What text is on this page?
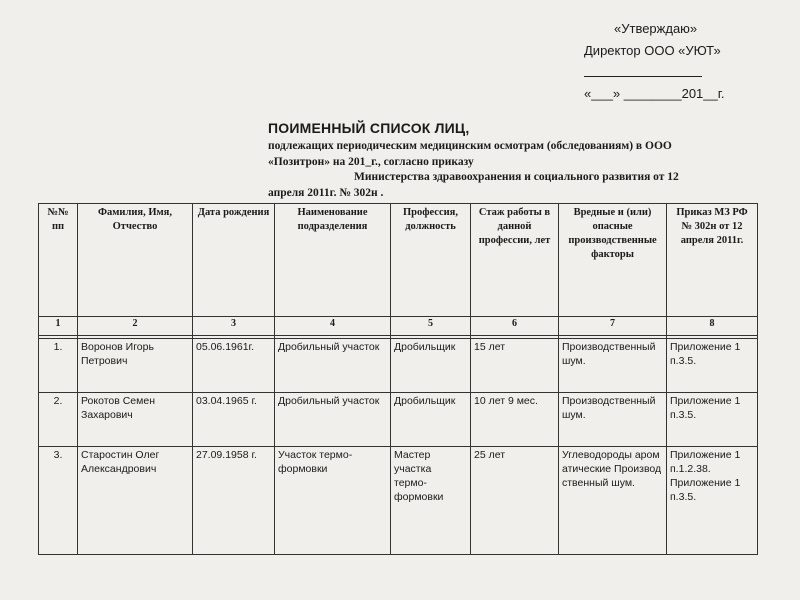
«Утверждаю»
Директор ООО «УЮТ»
«___» ________201__г.
ПОИМЕННЫЙ СПИСОК ЛИЦ,
подлежащих периодическим медицинским осмотрам (обследованиям) в ООО
«Позитрон» на 201_г., согласно приказу
Министерства здравоохранения и социального развития от 12
апреля 2011г. № 302н .
№№ пп	Фамилия, Имя, Отчество	Дата рождения	Наименование подразделения	Профессия, должность	Стаж работы в данной профессии, лет	Вредные и (или) опасные производственные факторы	Приказ МЗ РФ № 302н от 12 апреля 2011г.
1	2	3	4	5	6	7	8

1.	Воронов Игорь Петрович	05.06.1961г.	Дробильный участок	Дробильщик	15 лет	Производственный шум.	Приложение 1 п.3.5.
2.	Рокотов Семен Захарович	03.04.1965 г.	Дробильный участок	Дробильщик	10 лет 9 мес.	Производственный шум.	Приложение 1 п.3.5.
3.	Старостин Олег Александрович	27.09.1958 г.	Участок термо-формовки	Мастер участка термо-формовки	25 лет	Углеводороды ароматические Производственный шум.	Приложение 1 п.1.2.38. Приложение 1 п.3.5.
